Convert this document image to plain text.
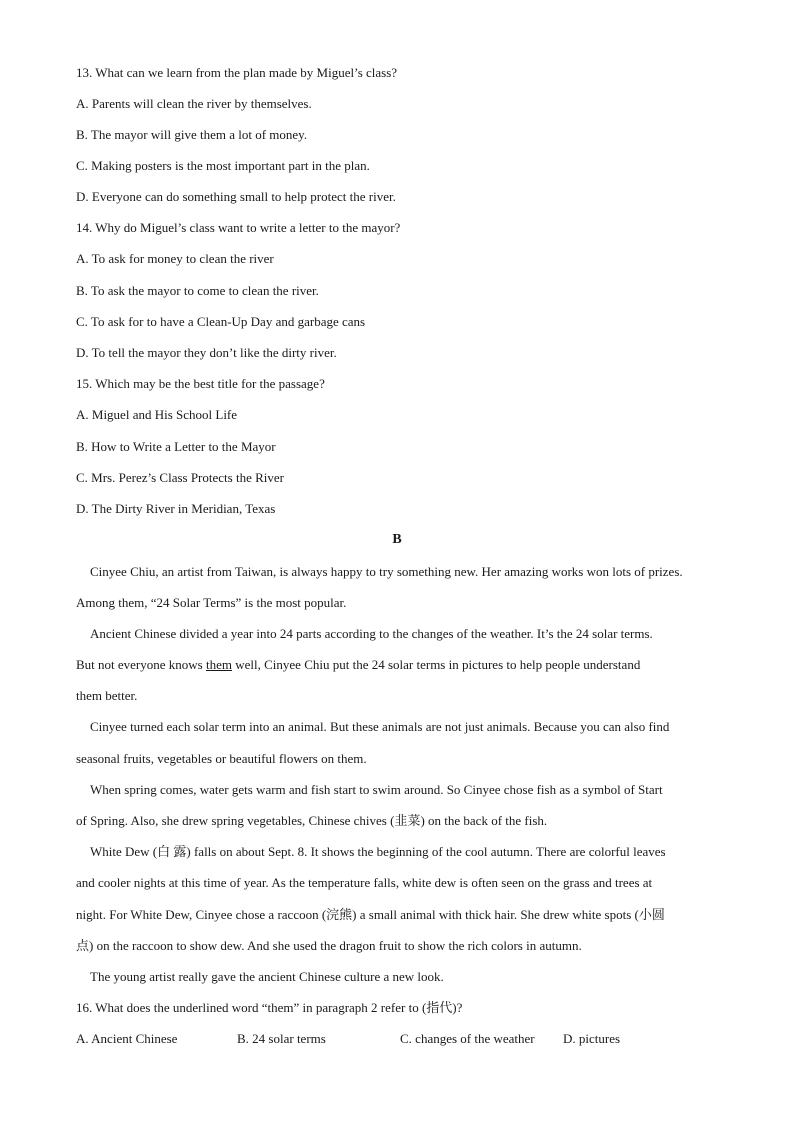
13. What can we learn from the plan made by Miguel’s class?
A. Parents will clean the river by themselves.
B. The mayor will give them a lot of money.
C. Making posters is the most important part in the plan.
D. Everyone can do something small to help protect the river.
14. Why do Miguel’s class want to write a letter to the mayor?
A. To ask for money to clean the river
B. To ask the mayor to come to clean the river.
C. To ask for to have a Clean-Up Day and garbage cans
D. To tell the mayor they don’t like the dirty river.
15. Which may be the best title for the passage?
A. Miguel and His School Life
B. How to Write a Letter to the Mayor
C. Mrs. Perez’s Class Protects the River
D. The Dirty River in Meridian, Texas
B
Cinyee Chiu, an artist from Taiwan, is always happy to try something new. Her amazing works won lots of prizes.
Among them, “24 Solar Terms” is the most popular.
Ancient Chinese divided a year into 24 parts according to the changes of the weather. It’s the 24 solar terms.
But not everyone knows them well, Cinyee Chiu put the 24 solar terms in pictures to help people understand
them better.
Cinyee turned each solar term into an animal. But these animals are not just animals. Because you can also find
seasonal fruits, vegetables or beautiful flowers on them.
When spring comes, water gets warm and fish start to swim around. So Cinyee chose fish as a symbol of Start
of Spring. Also, she drew spring vegetables, Chinese chives (韭菜) on the back of the fish.
White Dew (白 露) falls on about Sept. 8. It shows the beginning of the cool autumn. There are colorful leaves
and cooler nights at this time of year. As the temperature falls, white dew is often seen on the grass and trees at
night. For White Dew, Cinyee chose a raccoon (浣熊) a small animal with thick hair. She drew white spots (小圆
点) on the raccoon to show dew. And she used the dragon fruit to show the rich colors in autumn.
The young artist really gave the ancient Chinese culture a new look.
16. What does the underlined word “them” in paragraph 2 refer to (指代)?
A. Ancient Chinese	B. 24 solar terms	C. changes of the weather D. pictures
